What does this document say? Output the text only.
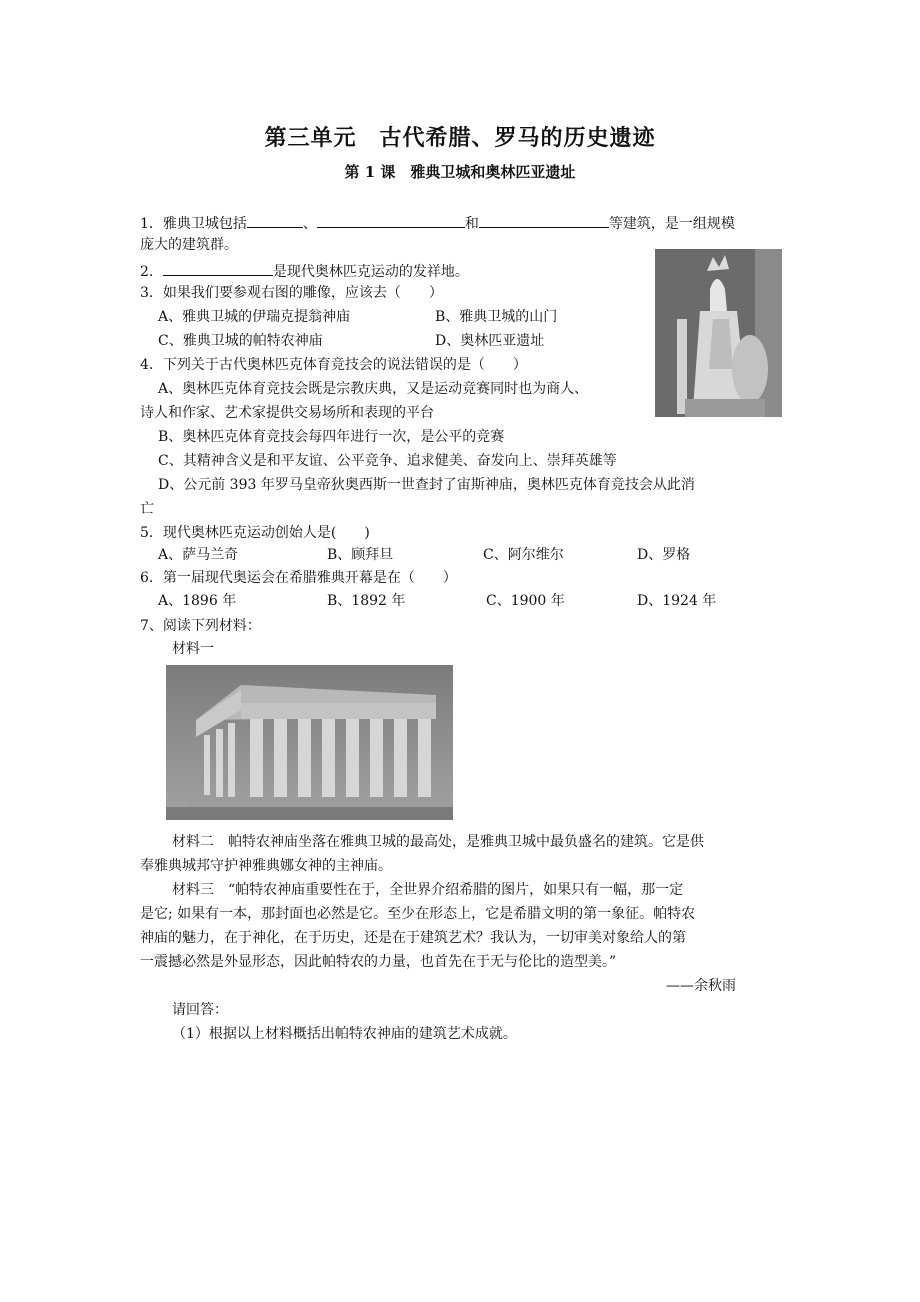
第三单元　古代希腊、罗马的历史遗迹
第 1 课　雅典卫城和奥林匹亚遗址
1．雅典卫城包括	、	和	等建筑，是一组规模
庞大的建筑群。
2．	是现代奥林匹克运动的发祥地。
3．如果我们要参观右图的雕像，应该去（　　）
A、雅典卫城的伊瑞克提翁神庙	B、雅典卫城的山门
C、雅典卫城的帕特农神庙	D、奥林匹亚遗址
4．下列关于古代奥林匹克体育竞技会的说法错误的是（　　）
A、奥林匹克体育竞技会既是宗教庆典，又是运动竞赛同时也为商人、
诗人和作家、艺术家提供交易场所和表现的平台
B、奥林匹克体育竞技会每四年进行一次，是公平的竞赛
C、其精神含义是和平友谊、公平竞争、追求健美、奋发向上、崇拜英雄等
D、公元前 393 年罗马皇帝狄奥西斯一世查封了宙斯神庙，奥林匹克体育竞技会从此消
亡
5．现代奥林匹克运动创始人是(　　)
A、萨马兰奇	B、顾拜旦	C、阿尔维尔	D、罗格
6．第一届现代奥运会在希腊雅典开幕是在（　　）
A、1896 年	B、1892 年	C、1900 年	D、1924 年
7、阅读下列材料：
材料一
材料二　帕特农神庙坐落在雅典卫城的最高处，是雅典卫城中最负盛名的建筑。它是供
奉雅典城邦守护神雅典娜女神的主神庙。
材料三　“帕特农神庙重要性在于，全世界介绍希腊的图片，如果只有一幅，那一定
是它; 如果有一本，那封面也必然是它。至少在形态上，它是希腊文明的第一象征。帕特农
神庙的魅力，在于神化，在于历史，还是在于建筑艺术？我认为，一切审美对象给人的第
一震撼必然是外显形态，因此帕特农的力量，也首先在于无与伦比的造型美。”
——余秋雨
请回答：
（1）根据以上材料概括出帕特农神庙的建筑艺术成就。
